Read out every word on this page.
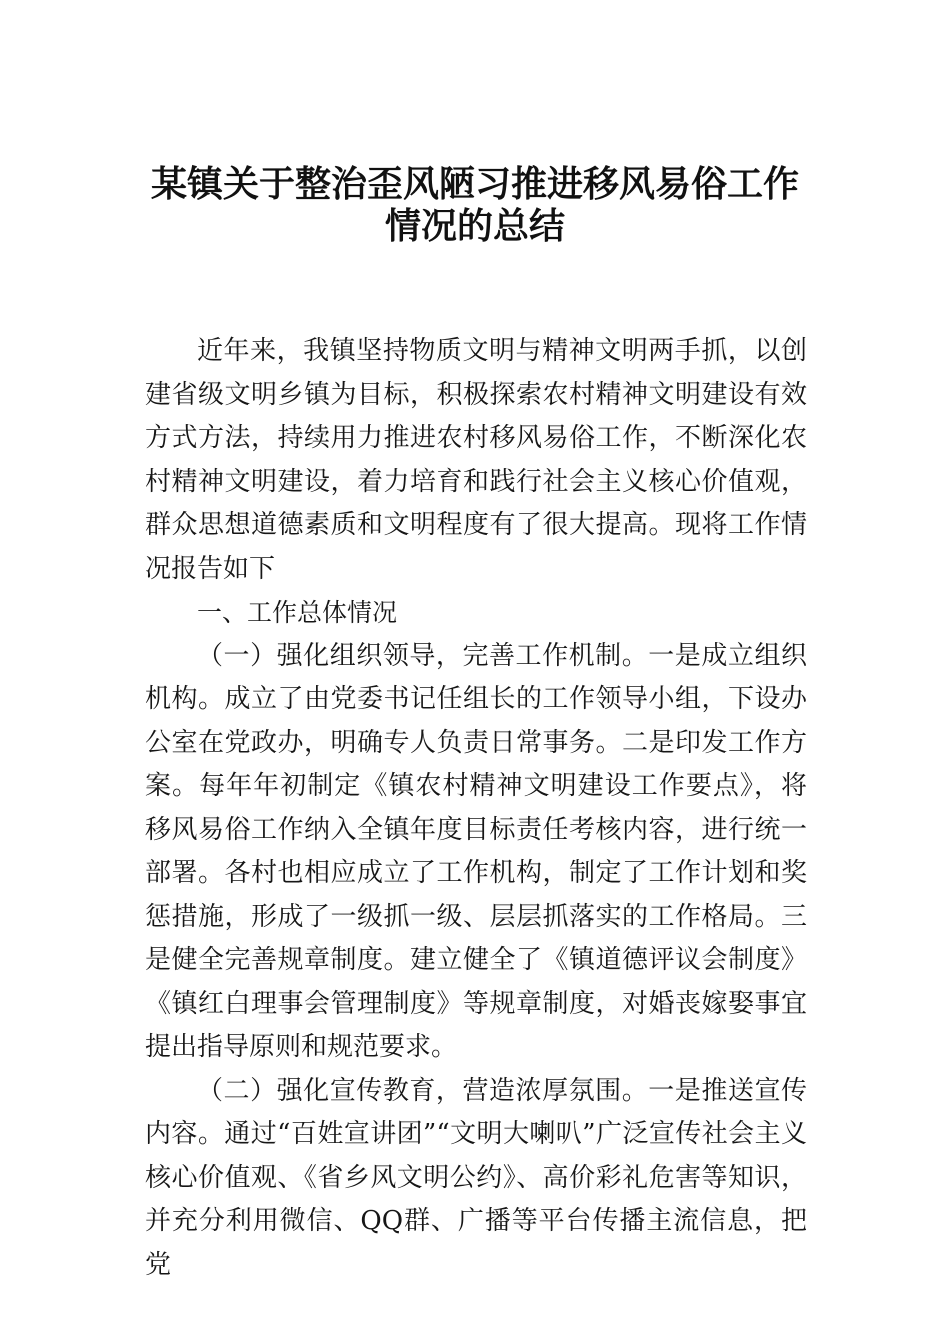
某镇关于整治歪风陋习推进移风易俗工作
情况的总结

近年来，我镇坚持物质文明与精神文明两手抓，以创建省级文明乡镇为目标，积极探索农村精神文明建设有效方式方法，持续用力推进农村移风易俗工作，不断深化农村精神文明建设，着力培育和践行社会主义核心价值观，群众思想道德素质和文明程度有了很大提高。现将工作情况报告如下

一、工作总体情况

（一）强化组织领导，完善工作机制。一是成立组织机构。成立了由党委书记任组长的工作领导小组，下设办公室在党政办，明确专人负责日常事务。二是印发工作方案。每年年初制定《镇农村精神文明建设工作要点》，将移风易俗工作纳入全镇年度目标责任考核内容，进行统一部署。各村也相应成立了工作机构，制定了工作计划和奖惩措施，形成了一级抓一级、层层抓落实的工作格局。三是健全完善规章制度。建立健全了《镇道德评议会制度》《镇红白理事会管理制度》等规章制度，对婚丧嫁娶事宜提出指导原则和规范要求。

（二）强化宣传教育，营造浓厚氛围。一是推送宣传内容。通过“百姓宣讲团”“文明大喇叭”广泛宣传社会主义核心价值观、《省乡风文明公约》、高价彩礼危害等知识，并充分利用微信、QQ群、广播等平台传播主流信息，把党
